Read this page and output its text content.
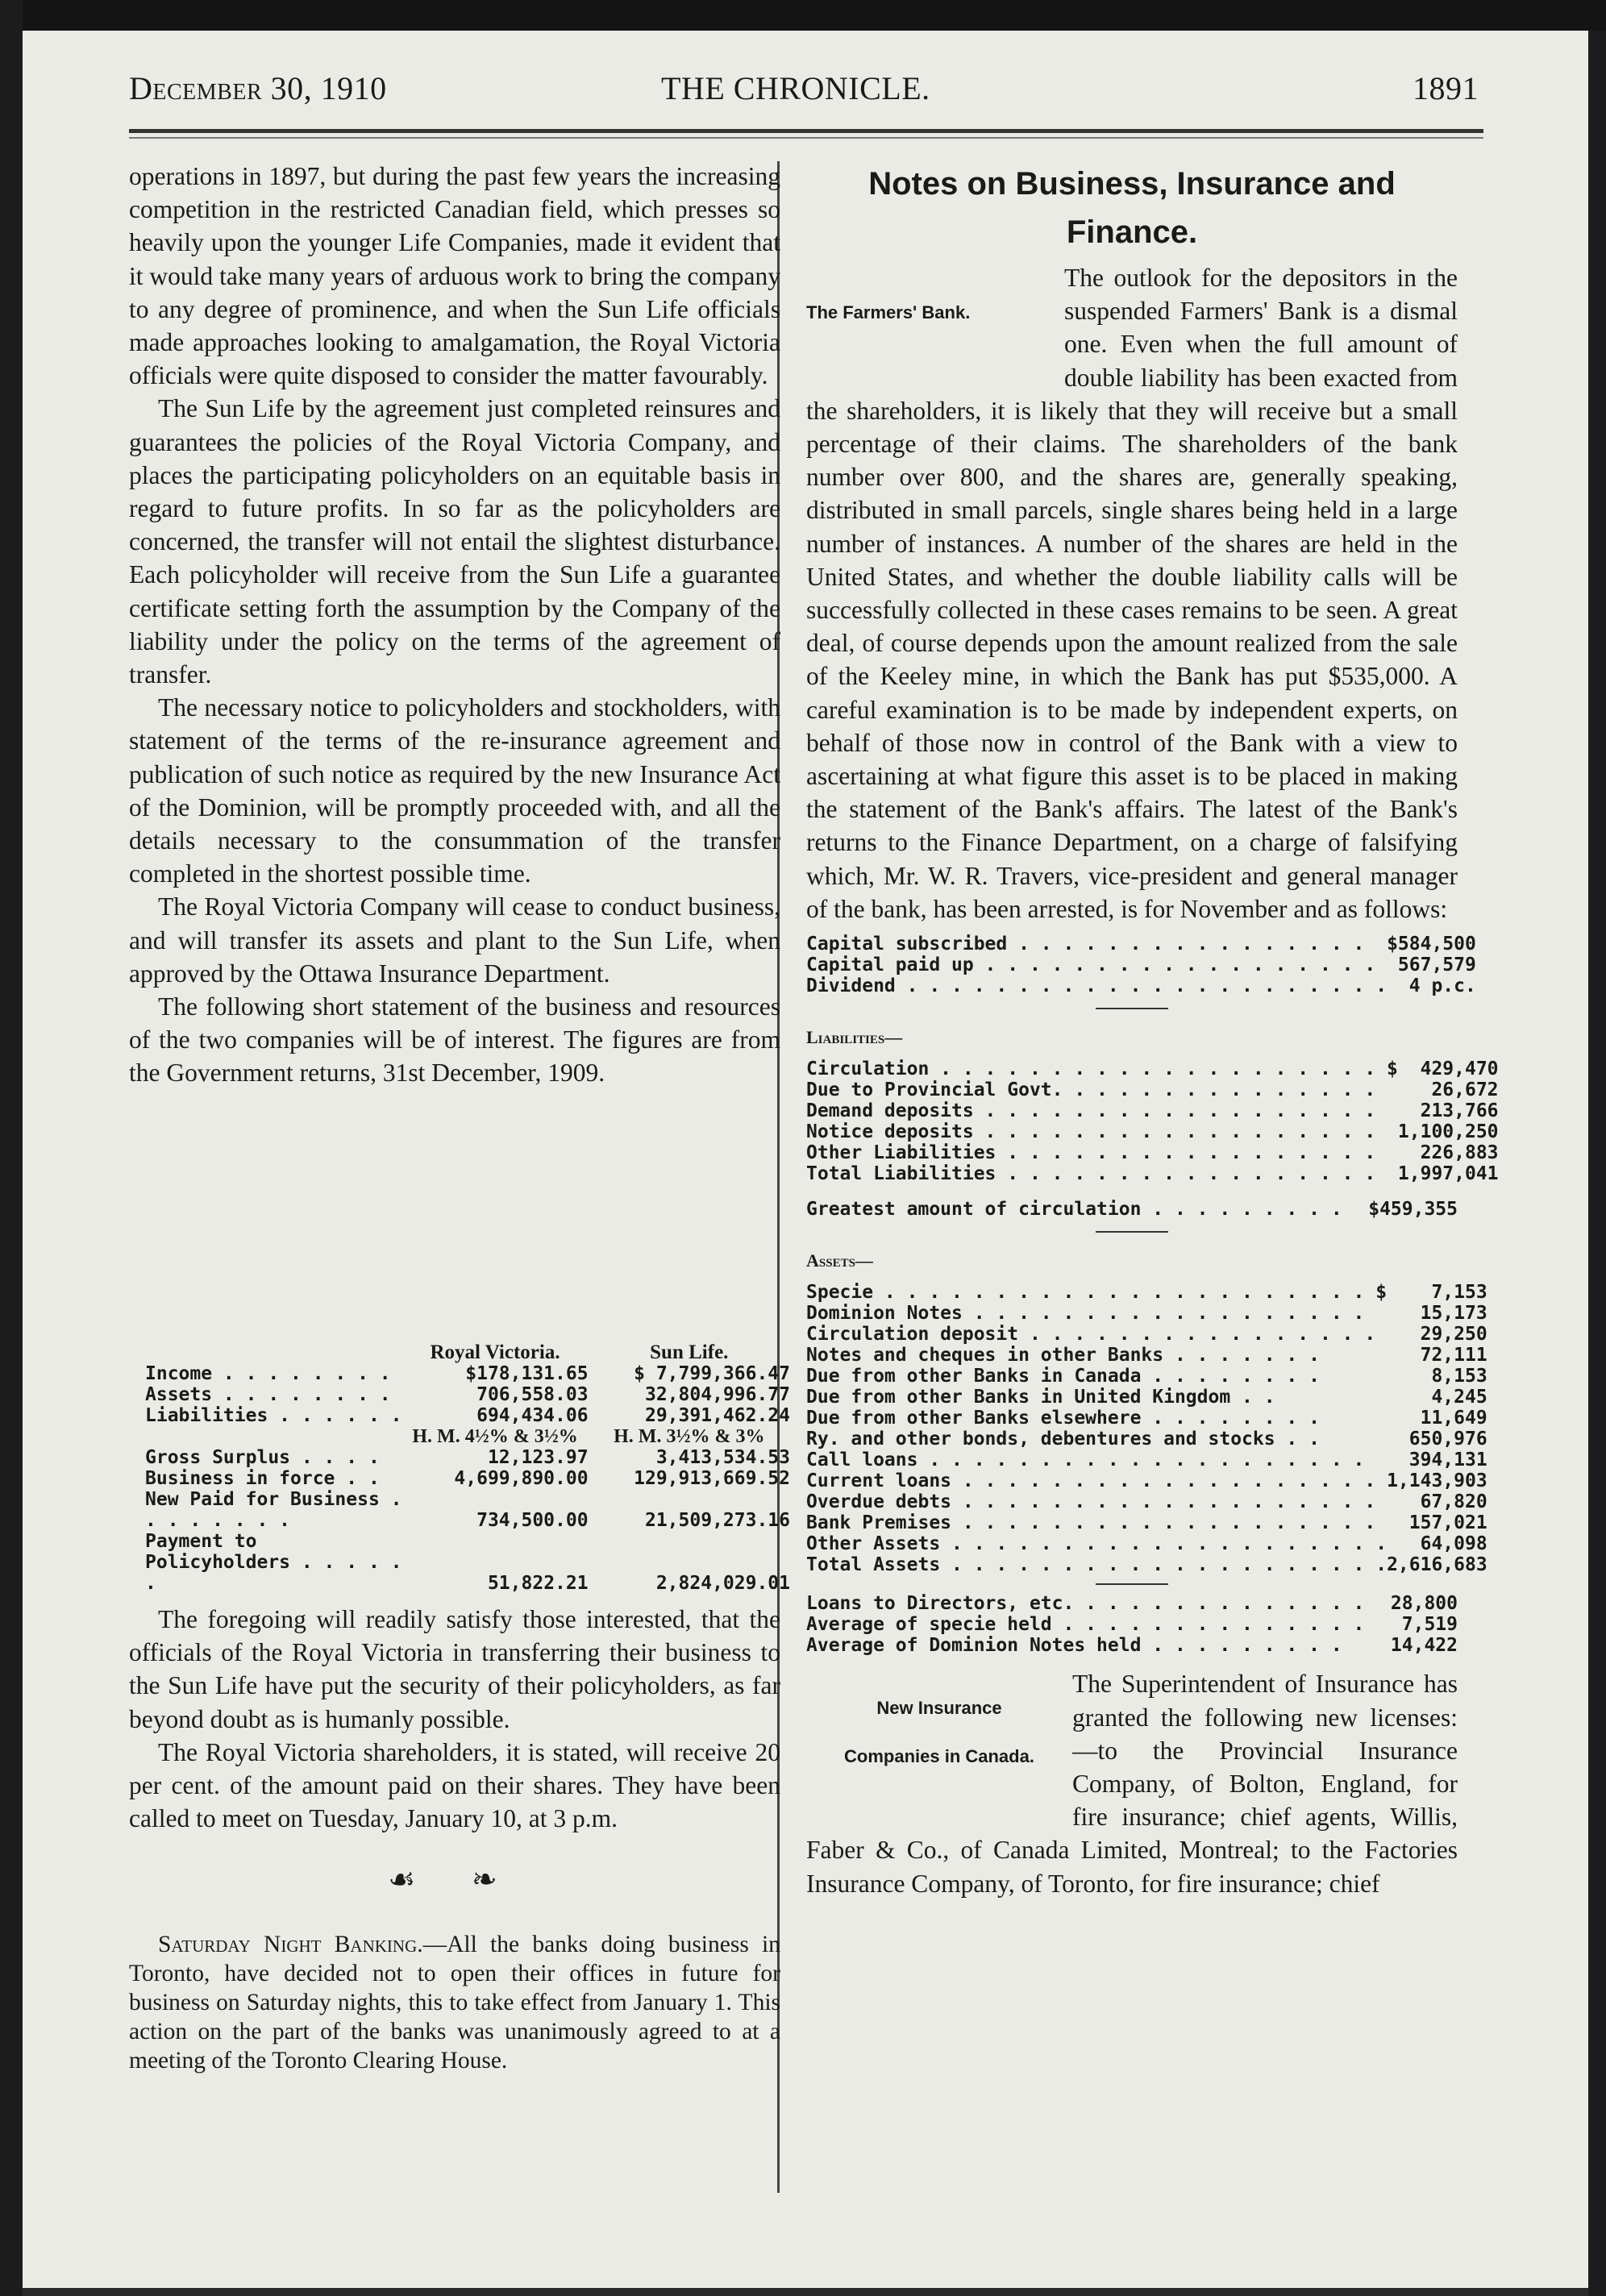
December 30, 1910	THE CHRONICLE.	1891

operations in 1897, but during the past few years the increasing competition in the restricted Canadian field, which presses so heavily upon the younger Life Companies, made it evident that it would take many years of arduous work to bring the company to any degree of prominence, and when the Sun Life officials made approaches looking to amalgamation, the Royal Victoria officials were quite disposed to consider the matter favourably.

The Sun Life by the agreement just completed reinsures and guarantees the policies of the Royal Victoria Company, and places the participating policyholders on an equitable basis in regard to future profits. In so far as the policyholders are concerned, the transfer will not entail the slightest disturbance. Each policyholder will receive from the Sun Life a guarantee certificate setting forth the assumption by the Company of the liability under the policy on the terms of the agreement of transfer.

The necessary notice to policyholders and stockholders, with statement of the terms of the re-insurance agreement and publication of such notice as required by the new Insurance Act of the Dominion, will be promptly proceeded with, and all the details necessary to the consummation of the transfer completed in the shortest possible time.

The Royal Victoria Company will cease to conduct business, and will transfer its assets and plant to the Sun Life, when approved by the Ottawa Insurance Department.

The following short statement of the business and resources of the two companies will be of interest. The figures are from the Government returns, 31st December, 1909.

	Royal Victoria.	Sun Life.
Income . . . . . . . .	$178,131.65	$ 7,799,366.47
Assets . . . . . . . .	706,558.03	32,804,996.77
Liabilities . . . . . .	694,434.06	29,391,462.24
	H. M. 4½% & 3½%	H. M. 3½% & 3%
Gross Surplus . . . .	12,123.97	3,413,534.53
Business in force . .	4,699,890.00	129,913,669.52
New Paid for Business . . . . . . . .	734,500.00	21,509,273.16
Payment to Policyholders . . . . . .	51,822.21	2,824,029.01

The foregoing will readily satisfy those interested, that the officials of the Royal Victoria in transferring their business to the Sun Life have put the security of their policyholders, as far beyond doubt as is humanly possible.

The Royal Victoria shareholders, it is stated, will receive 20 per cent. of the amount paid on their shares. They have been called to meet on Tuesday, January 10, at 3 p.m.

☙ ❧

Saturday Night Banking.—All the banks doing business in Toronto, have decided not to open their offices in future for business on Saturday nights, this to take effect from January 1. This action on the part of the banks was unanimously agreed to at a meeting of the Toronto Clearing House.

Notes on Business, Insurance and Finance.
The Farmers' Bank.

The outlook for the depositors in the suspended Farmers' Bank is a dismal one. Even when the full amount of double liability has been exacted from the shareholders, it is likely that they will receive but a small percentage of their claims. The shareholders of the bank number over 800, and the shares are, generally speaking, distributed in small parcels, single shares being held in a large number of instances. A number of the shares are held in the United States, and whether the double liability calls will be successfully collected in these cases remains to be seen. A great deal, of course depends upon the amount realized from the sale of the Keeley mine, in which the Bank has put $535,000. A careful examination is to be made by independent experts, on behalf of those now in control of the Bank with a view to ascertaining at what figure this asset is to be placed in making the statement of the Bank's affairs. The latest of the Bank's returns to the Finance Department, on a charge of falsifying which, Mr. W. R. Travers, vice-president and general manager of the bank, has been arrested, is for November and as follows:

Capital subscribed . . . . . . . . . . . . . . . .	$584,500
Capital paid up . . . . . . . . . . . . . . . . . .	567,579
Dividend . . . . . . . . . . . . . . . . . . . . . .	4 p.c.
Liabilities—
Circulation . . . . . . . . . . . . . . . . . . . . $	429,470
Due to Provincial Govt. . . . . . . . . . . . . . .	26,672
Demand deposits . . . . . . . . . . . . . . . . . .	213,766
Notice deposits . . . . . . . . . . . . . . . . . .	1,100,250
Other Liabilities . . . . . . . . . . . . . . . . .	226,883
Total Liabilities . . . . . . . . . . . . . . . . .	1,997,041
Greatest amount of circulation . . . . . . . . .	$459,355
Assets—
Specie . . . . . . . . . . . . . . . . . . . . . . $	7,153
Dominion Notes . . . . . . . . . . . . . . . . . .	15,173
Circulation deposit . . . . . . . . . . . . . . . .	29,250
Notes and cheques in other Banks . . . . . . .	72,111
Due from other Banks in Canada . . . . . . . .	8,153
Due from other Banks in United Kingdom . .	4,245
Due from other Banks elsewhere . . . . . . . .	11,649
Ry. and other bonds, debentures and stocks . .	650,976
Call loans . . . . . . . . . . . . . . . . . . . .	394,131
Current loans . . . . . . . . . . . . . . . . . . .	1,143,903
Overdue debts . . . . . . . . . . . . . . . . . . .	67,820
Bank Premises . . . . . . . . . . . . . . . . . . .	157,021
Other Assets . . . . . . . . . . . . . . . . . . . .	64,098
Total Assets . . . . . . . . . . . . . . . . . . . .	2,616,683
Loans to Directors, etc. . . . . . . . . . . . . .	28,800
Average of specie held . . . . . . . . . . . . . .	7,519
Average of Dominion Notes held . . . . . . . . .	14,422
New Insurance
Companies in Canada.

The Superintendent of Insurance has granted the following new licenses:—to the Provincial Insurance Company, of Bolton, England, for fire insurance; chief agents, Willis, Faber & Co., of Canada Limited, Montreal; to the Factories Insurance Company, of Toronto, for fire insurance; chief
